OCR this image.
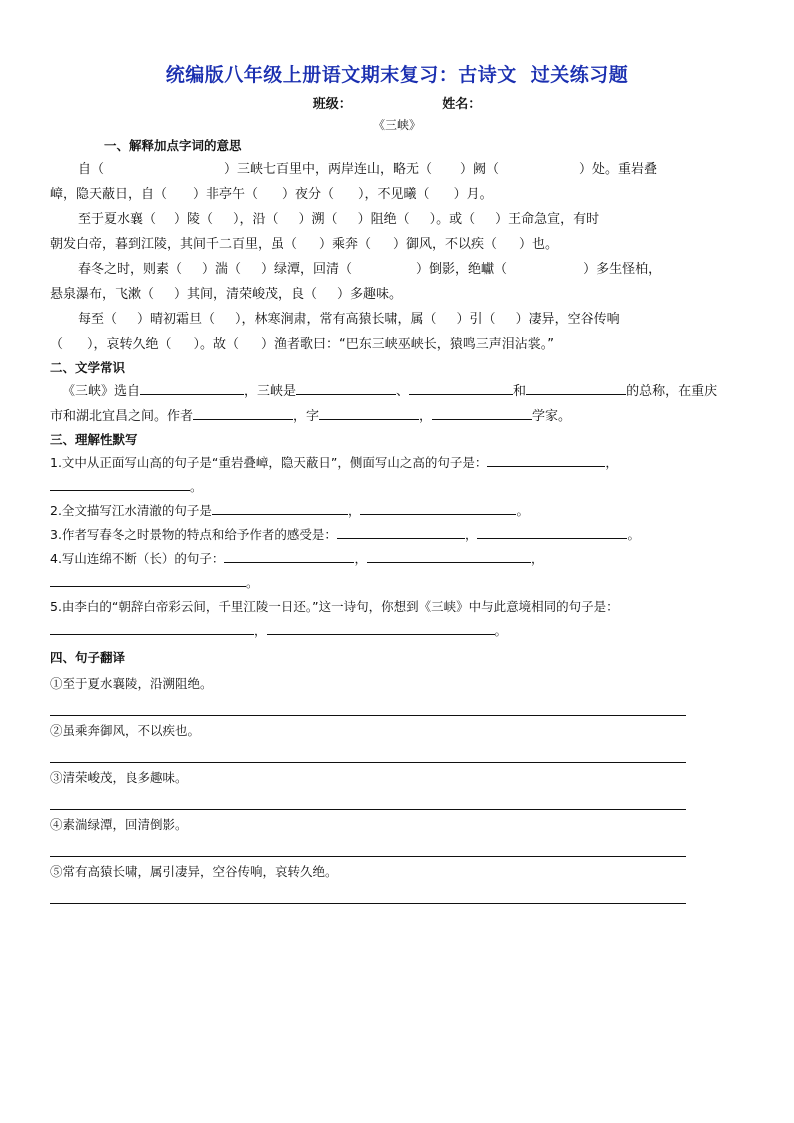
统编版八年级上册语文期末复习：古诗文 过关练习题
班级：	姓名：
《三峡》
一、解释加点字词的意思
自（	）三峡七百里中，两岸连山，略无（ ）阙（	）处。重岩叠
嶂，隐天蔽日，自（ ）非亭午（ ）夜分（ ），不见曦（ ）月。
至于夏水襄（ ）陵（ ），沿（ ）溯（ ）阻绝（ ）。或（ ）王命急宣，有时
朝发白帝，暮到江陵，其间千二百里，虽（ ）乘奔（ ）御风，不以疾（ ）也。
春冬之时，则素（ ）湍（ ）绿潭，回清（	）倒影，绝巘（	）多生怪柏，
悬泉瀑布，飞漱（ ）其间，清荣峻茂，良（ ）多趣味。
每至（ ）晴初霜旦（ ），林寒涧肃，常有高猿长啸，属（ ）引（ ）凄异，空谷传响
（ ），哀转久绝（ ）。故（ ）渔者歌曰：“巴东三峡巫峡长，猿鸣三声泪沾裳。”
二、文学常识
《三峡》选自	，三峡是	、	和	的总称，在重庆
市和湖北宜昌之间。作者	，字	，	学家。
三、理解性默写
1.文中从正面写山高的句子是“重岩叠嶂，隐天蔽日”，侧面写山之高的句子是：	，
。
2.全文描写江水清澈的句子是	，	。
3.作者写春冬之时景物的特点和给予作者的感受是：	，	。
4.写山连绵不断（长）的句子：	，	，
。
5.由李白的“朝辞白帝彩云间，千里江陵一日还。”这一诗句，你想到《三峡》中与此意境相同的句子是：
，	。
四、句子翻译
①至于夏水襄陵，沿溯阻绝。
②虽乘奔御风，不以疾也。
③清荣峻茂，良多趣味。
④素湍绿潭，回清倒影。
⑤常有高猿长啸，属引凄异，空谷传响，哀转久绝。
